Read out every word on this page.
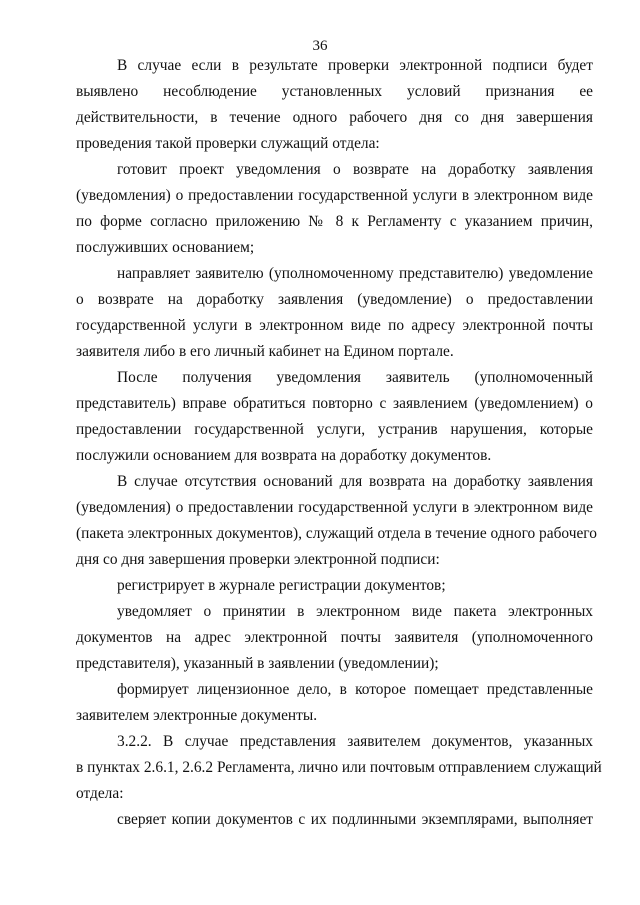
36
В случае если в результате проверки электронной подписи будет
выявлено несоблюдение установленных условий признания ее
действительности, в течение одного рабочего дня со дня завершения
проведения такой проверки служащий отдела:
готовит проект уведомления о возврате на доработку заявления
(уведомления) о предоставлении государственной услуги в электронном виде
по форме согласно приложению № 8 к Регламенту с указанием причин,
послуживших основанием;
направляет заявителю (уполномоченному представителю) уведомление
о возврате на доработку заявления (уведомление) о предоставлении
государственной услуги в электронном виде по адресу электронной почты
заявителя либо в его личный кабинет на Едином портале.
После получения уведомления заявитель (уполномоченный
представитель) вправе обратиться повторно с заявлением (уведомлением) о
предоставлении государственной услуги, устранив нарушения, которые
послужили основанием для возврата на доработку документов.
В случае отсутствия оснований для возврата на доработку заявления
(уведомления) о предоставлении государственной услуги в электронном виде
(пакета электронных документов), служащий отдела в течение одного рабочего
дня со дня завершения проверки электронной подписи:
регистрирует в журнале регистрации документов;
уведомляет о принятии в электронном виде пакета электронных
документов на адрес электронной почты заявителя (уполномоченного
представителя), указанный в заявлении (уведомлении);
формирует лицензионное дело, в которое помещает представленные
заявителем электронные документы.
3.2.2. В случае представления заявителем документов, указанных
в пунктах 2.6.1, 2.6.2 Регламента, лично или почтовым отправлением служащий
отдела:
сверяет копии документов с их подлинными экземплярами, выполняет
